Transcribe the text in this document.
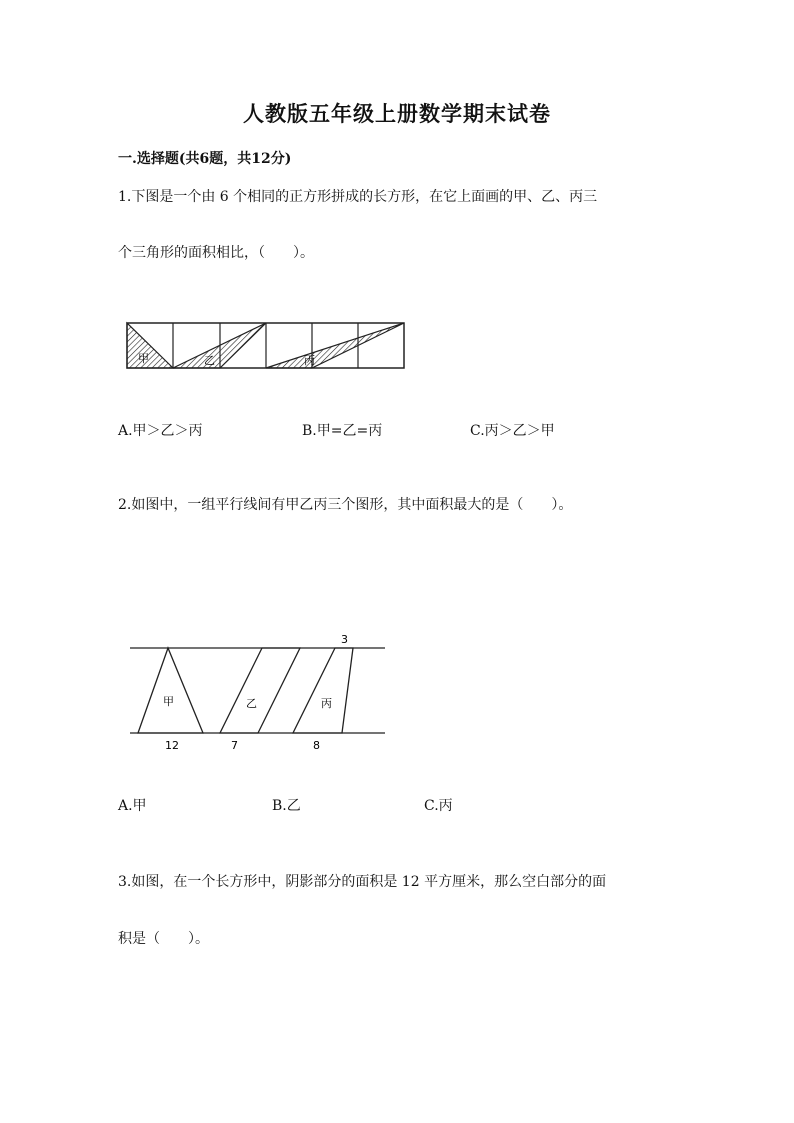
人教版五年级上册数学期末试卷
一.选择题(共6题，共12分)
1.下图是一个由 6 个相同的正方形拼成的长方形，在它上面画的甲、乙、丙三
个三角形的面积相比，（　　）。
甲	乙	丙
A.甲＞乙＞丙	B.甲=乙=丙	C.丙＞乙＞甲
2.如图中，一组平行线间有甲乙丙三个图形，其中面积最大的是（　　）。
甲	乙	丙
3
12	7	8
A.甲	B.乙	C.丙
3.如图，在一个长方形中，阴影部分的面积是 12 平方厘米，那么空白部分的面
积是（　　）。
